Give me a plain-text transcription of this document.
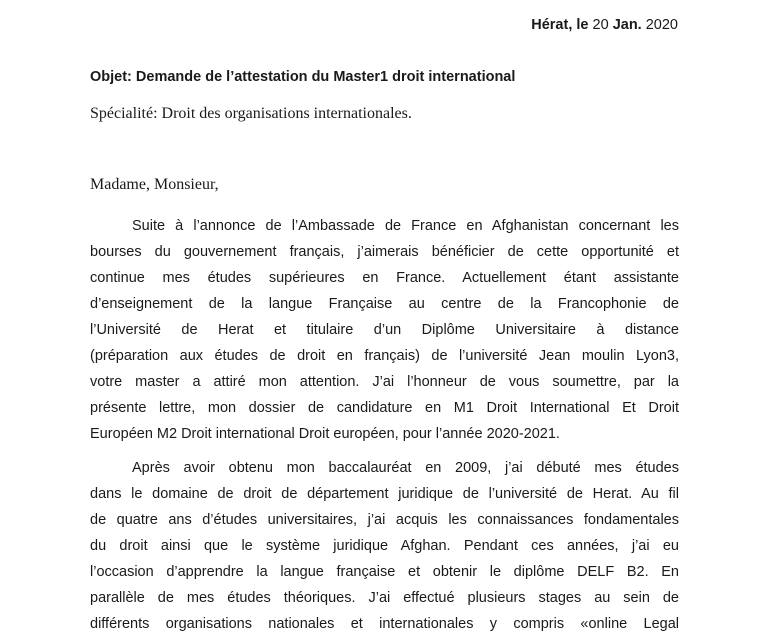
Hérat, le 20 Jan. 2020
Objet: Demande de l’attestation du Master1 droit international
Spécialité: Droit des organisations internationales.
Madame, Monsieur,
Suite à l’annonce de l’Ambassade de France en Afghanistan concernant les
bourses du gouvernement français, j’aimerais bénéficier de cette opportunité et
continue mes études supérieures en France. Actuellement étant assistante
d’enseignement de la langue Française au centre de la Francophonie de
l’Université de Herat et titulaire d’un Diplôme Universitaire à distance
(préparation aux études de droit en français) de l’université Jean moulin Lyon3,
votre master a attiré mon attention. J’ai l’honneur de vous soumettre, par la
présente lettre, mon dossier de candidature en M1 Droit International Et Droit
Européen M2 Droit international Droit européen, pour l’année 2020-2021.
Après avoir obtenu mon baccalauréat en 2009, j’ai débuté mes études
dans le domaine de droit de département juridique de l’université de Herat. Au fil
de quatre ans d’études universitaires, j’ai acquis les connaissances fondamentales
du droit ainsi que le système juridique Afghan. Pendant ces années, j’ai eu
l’occasion d’apprendre la langue française et obtenir le diplôme DELF B2. En
parallèle de mes études théoriques. J’ai effectué plusieurs stages au sein de
différents organisations nationales et internationales y compris «online Legal
